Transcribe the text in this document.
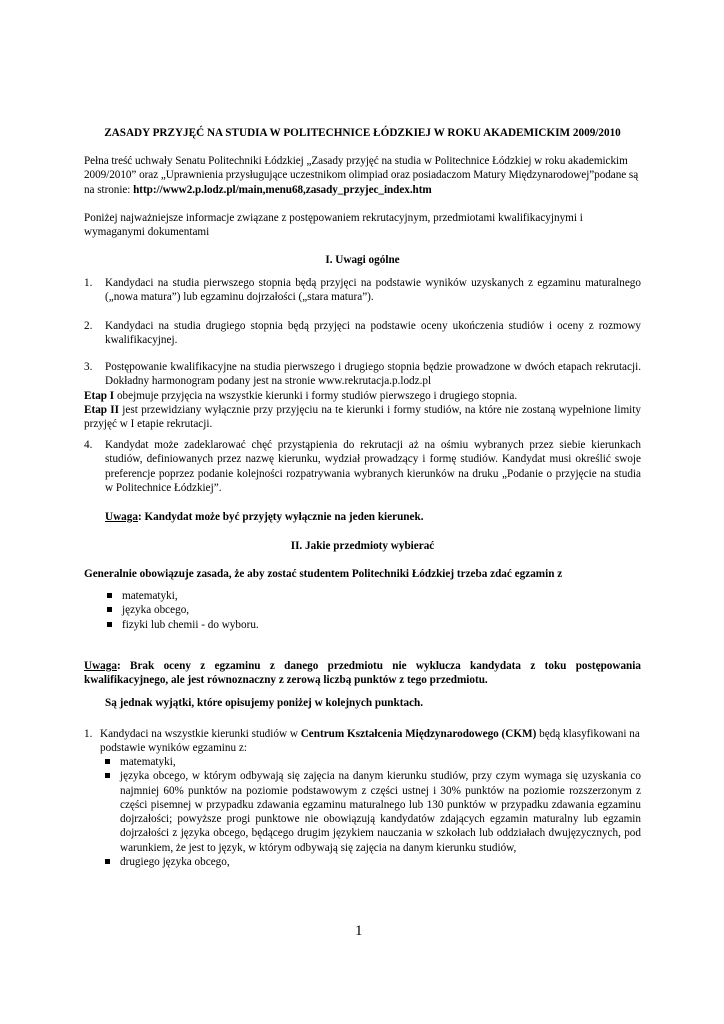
ZASADY PRZYJĘĆ NA STUDIA W POLITECHNICE ŁÓDZKIEJ W ROKU AKADEMICKIM 2009/2010

Pełna treść uchwały Senatu Politechniki Łódzkiej „Zasady przyjęć na studia w Politechnice Łódzkiej w roku akademickim 2009/2010” oraz „Uprawnienia przysługujące uczestnikom olimpiad oraz posiadaczom Matury Międzynarodowej”podane są na stronie: http://www2.p.lodz.pl/main,menu68,zasady_przyjec_index.htm

Poniżej najważniejsze informacje związane z postępowaniem rekrutacyjnym, przedmiotami kwalifikacyjnymi i wymaganymi dokumentami

I. Uwagi ogólne

1. Kandydaci na studia pierwszego stopnia będą przyjęci na podstawie wyników uzyskanych z egzaminu maturalnego („nowa matura”) lub egzaminu dojrzałości („stara matura”).
2. Kandydaci na studia drugiego stopnia będą przyjęci na podstawie oceny ukończenia studiów i oceny z rozmowy kwalifikacyjnej.
3. Postępowanie kwalifikacyjne na studia pierwszego i drugiego stopnia będzie prowadzone w dwóch etapach rekrutacji. Dokładny harmonogram podany jest na stronie www.rekrutacja.p.lodz.pl

Etap I obejmuje przyjęcia na wszystkie kierunki i formy studiów pierwszego i drugiego stopnia.

Etap II jest przewidziany wyłącznie przy przyjęciu na te kierunki i formy studiów, na które nie zostaną wypełnione limity przyjęć w I etapie rekrutacji.

4. Kandydat może zadeklarować chęć przystąpienia do rekrutacji aż na ośmiu wybranych przez siebie kierunkach studiów, definiowanych przez nazwę kierunku, wydział prowadzący i formę studiów. Kandydat musi określić swoje preferencje poprzez podanie kolejności rozpatrywania wybranych kierunków na druku „Podanie o przyjęcie na studia w Politechnice Łódzkiej”.

Uwaga: Kandydat może być przyjęty wyłącznie na jeden kierunek.

II. Jakie przedmioty wybierać

Generalnie obowiązuje zasada, że aby zostać studentem Politechniki Łódzkiej trzeba zdać egzamin z

matematyki,
języka obcego,
fizyki lub chemii - do wyboru.

Uwaga: Brak oceny z egzaminu z danego przedmiotu nie wyklucza kandydata z toku postępowania kwalifikacyjnego, ale jest równoznaczny z zerową liczbą punktów z tego przedmiotu.

Są jednak wyjątki, które opisujemy poniżej w kolejnych punktach.

1. Kandydaci na wszystkie kierunki studiów w Centrum Kształcenia Międzynarodowego (CKM) będą klasyfikowani na podstawie wyników egzaminu z:
matematyki,
języka obcego, w którym odbywają się zajęcia na danym kierunku studiów, przy czym wymaga się uzyskania co najmniej 60% punktów na poziomie podstawowym z części ustnej i 30% punktów na poziomie rozszerzonym z części pisemnej w przypadku zdawania egzaminu maturalnego lub 130 punktów w przypadku zdawania egzaminu dojrzałości; powyższe progi punktowe nie obowiązują kandydatów zdających egzamin maturalny lub egzamin dojrzałości z języka obcego, będącego drugim językiem nauczania w szkołach lub oddziałach dwujęzycznych, pod warunkiem, że jest to język, w którym odbywają się zajęcia na danym kierunku studiów,
drugiego języka obcego,
1
